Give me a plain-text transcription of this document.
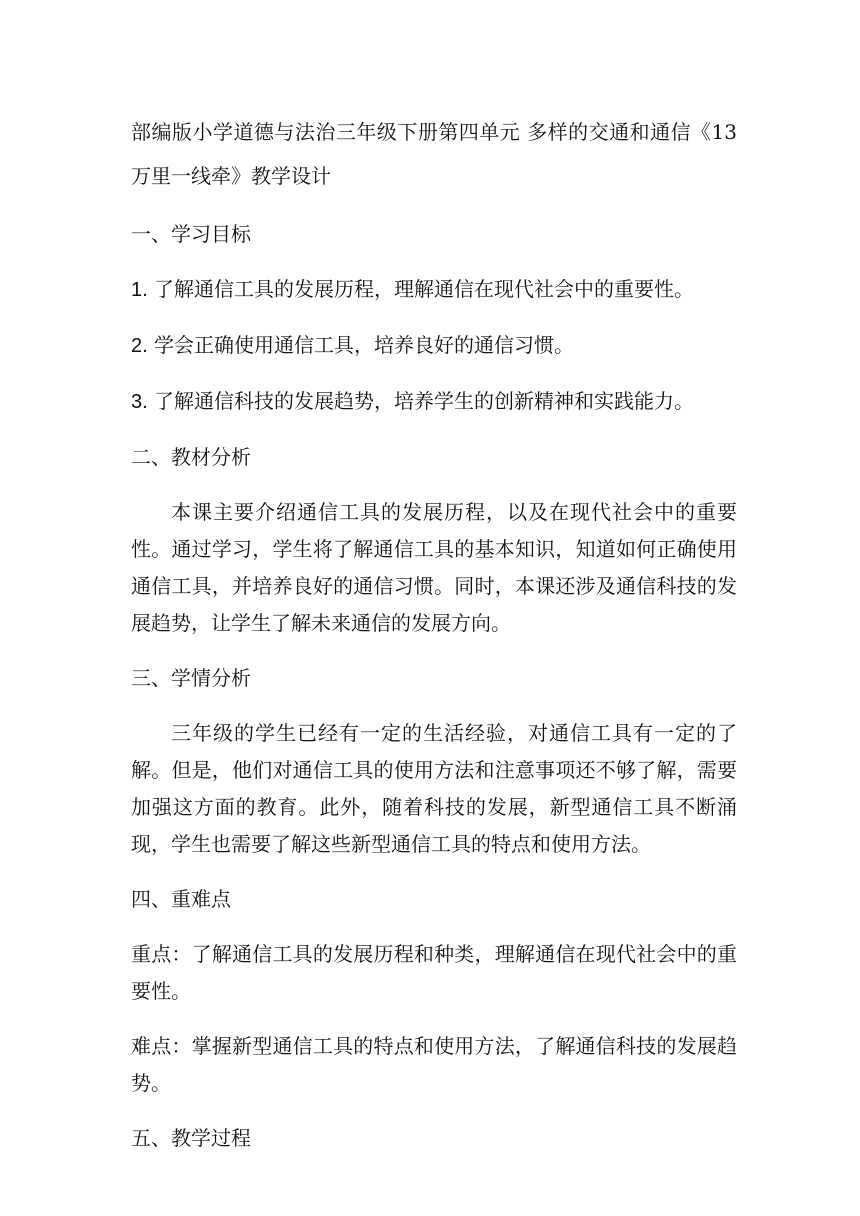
部编版小学道德与法治三年级下册第四单元 多样的交通和通信《13万里一线牵》教学设计

一、学习目标

1. 了解通信工具的发展历程，理解通信在现代社会中的重要性。

2. 学会正确使用通信工具，培养良好的通信习惯。

3. 了解通信科技的发展趋势，培养学生的创新精神和实践能力。

二、教材分析

本课主要介绍通信工具的发展历程，以及在现代社会中的重要性。通过学习，学生将了解通信工具的基本知识，知道如何正确使用通信工具，并培养良好的通信习惯。同时，本课还涉及通信科技的发展趋势，让学生了解未来通信的发展方向。

三、学情分析

三年级的学生已经有一定的生活经验，对通信工具有一定的了解。但是，他们对通信工具的使用方法和注意事项还不够了解，需要加强这方面的教育。此外，随着科技的发展，新型通信工具不断涌现，学生也需要了解这些新型通信工具的特点和使用方法。

四、重难点

重点：了解通信工具的发展历程和种类，理解通信在现代社会中的重要性。

难点：掌握新型通信工具的特点和使用方法，了解通信科技的发展趋势。

五、教学过程
